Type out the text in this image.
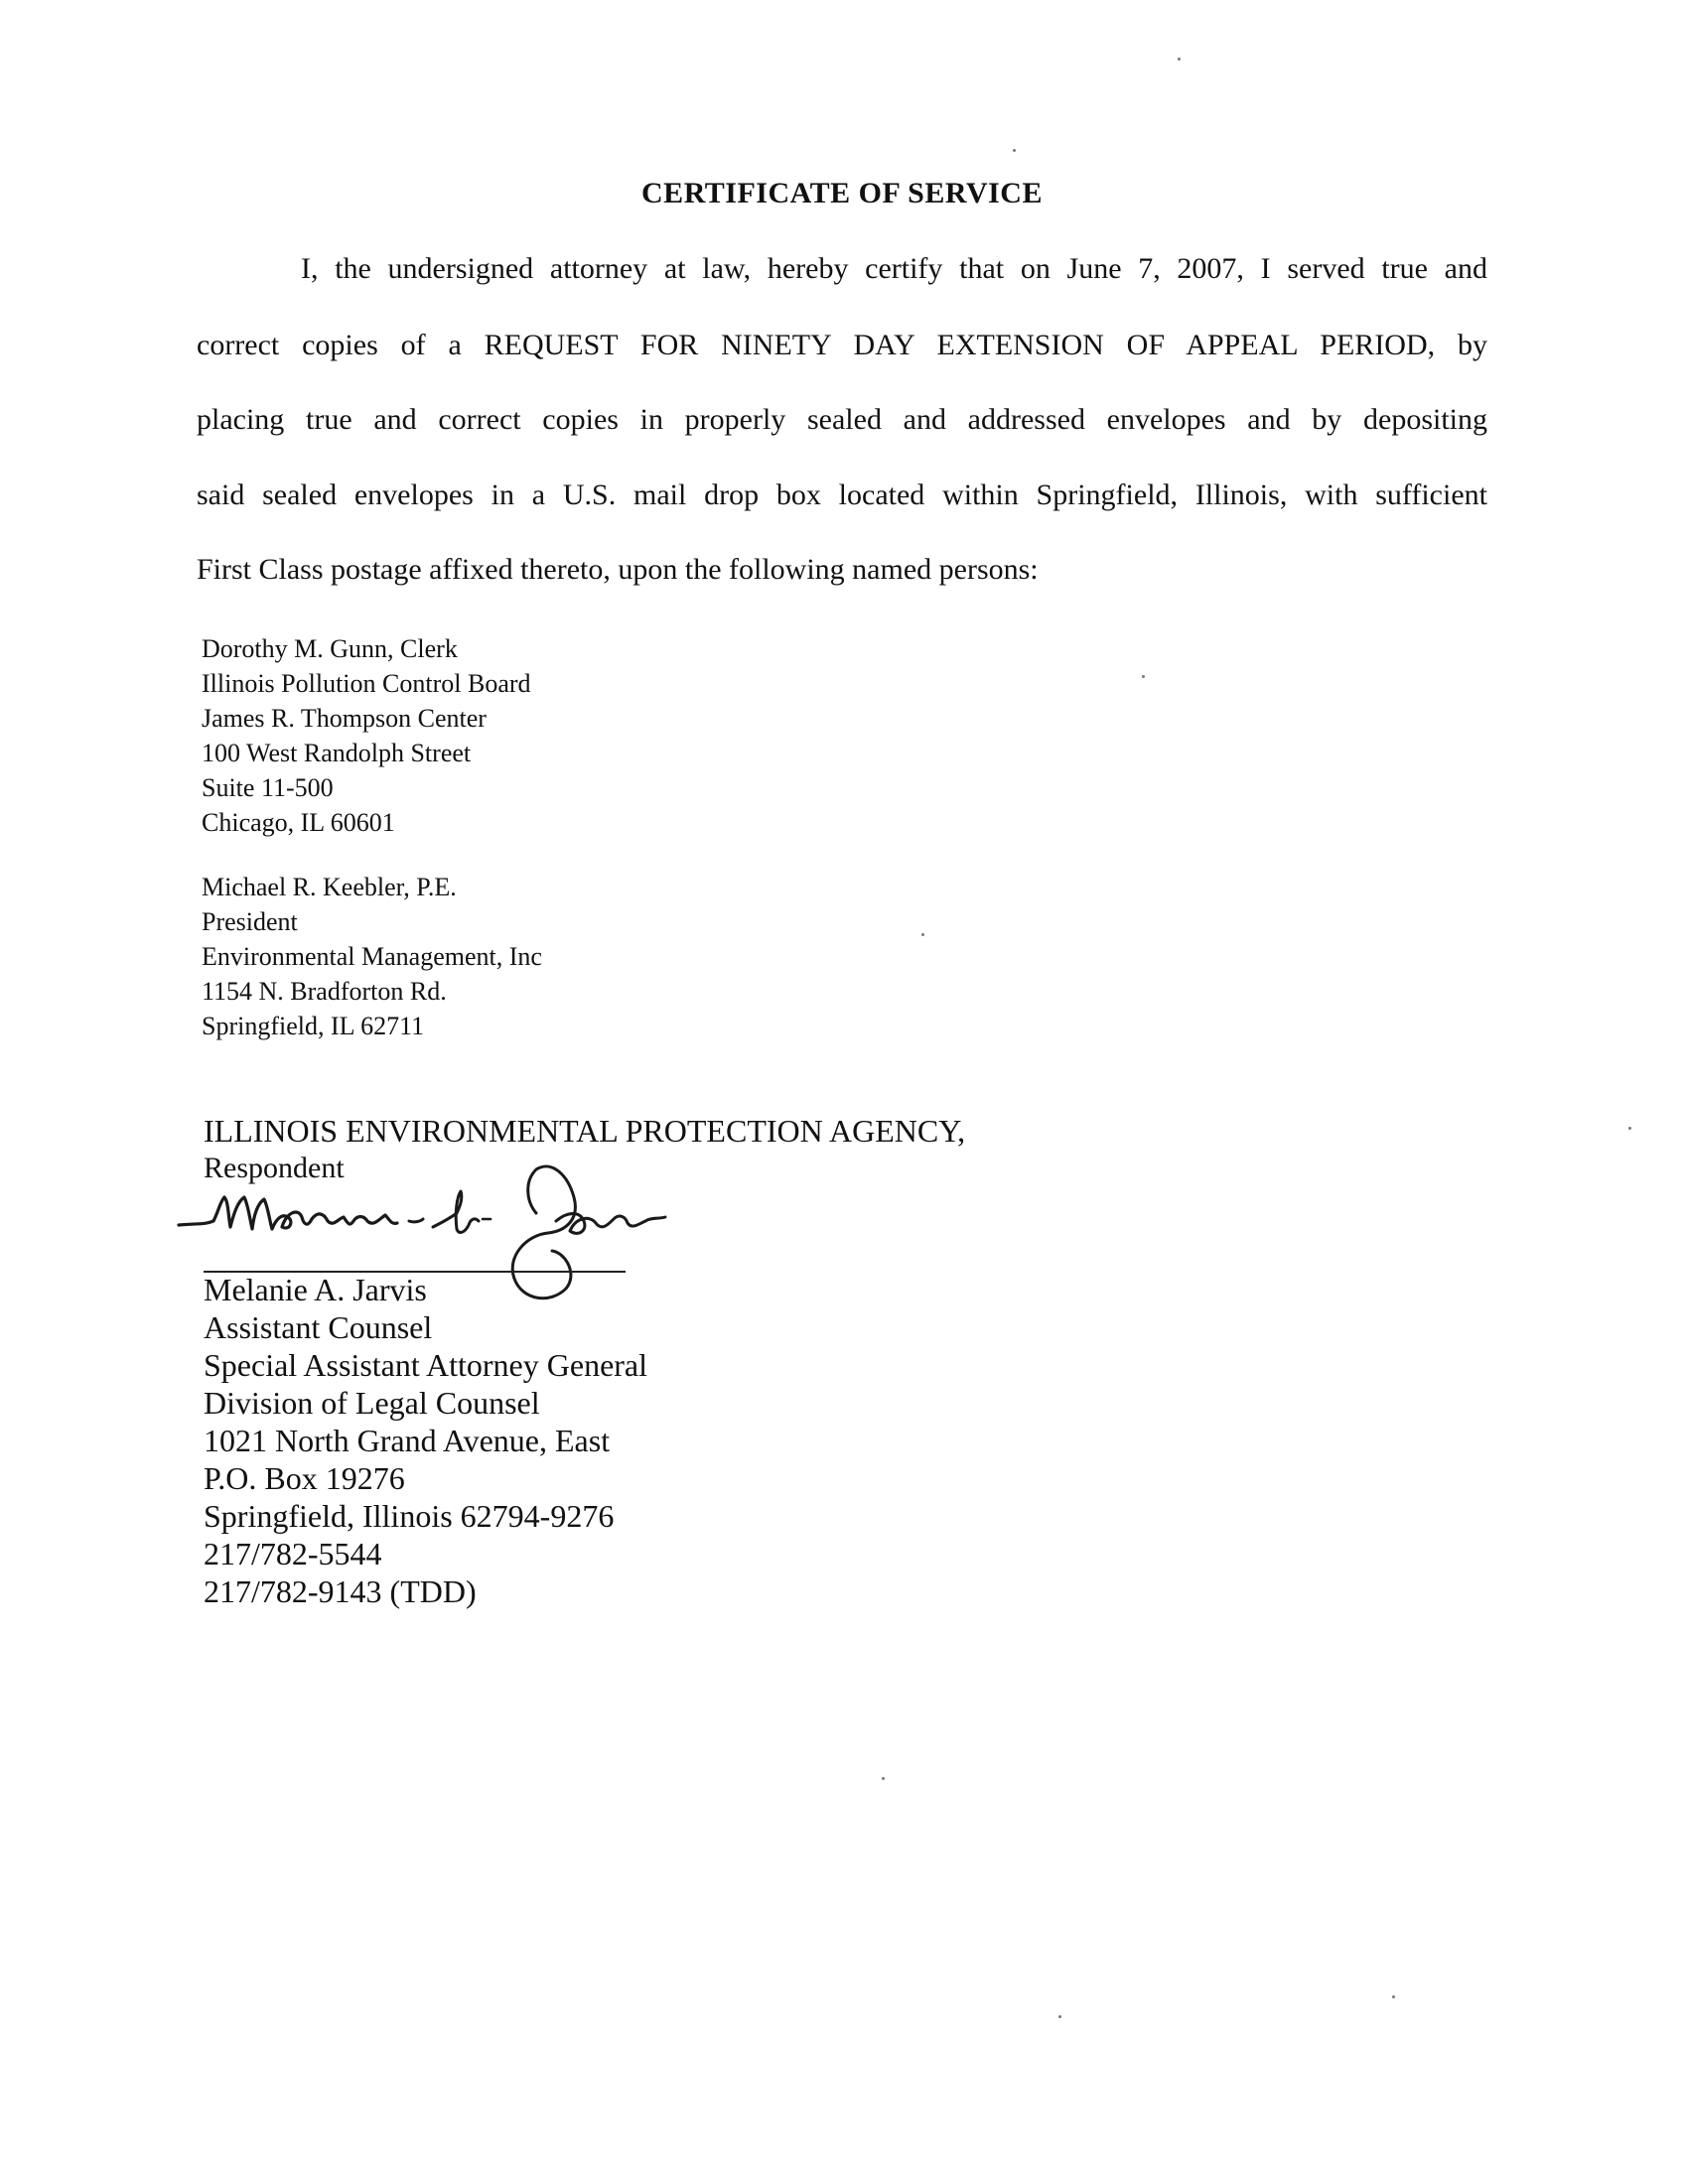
CERTIFICATE OF SERVICE
I, the undersigned attorney at law, hereby certify that on June 7, 2007, I served true and
correct copies of a REQUEST FOR NINETY DAY EXTENSION OF APPEAL PERIOD, by
placing true and correct copies in properly sealed and addressed envelopes and by depositing
said sealed envelopes in a U.S. mail drop box located within Springfield, Illinois, with sufficient
First Class postage affixed thereto, upon the following named persons:
Dorothy M. Gunn, Clerk
Illinois Pollution Control Board
James R. Thompson Center
100 West Randolph Street
Suite 11-500
Chicago, IL 60601
Michael R. Keebler, P.E.
President
Environmental Management, Inc
1154 N. Bradforton Rd.
Springfield, IL 62711
ILLINOIS ENVIRONMENTAL PROTECTION AGENCY,
Respondent
Melanie A. Jarvis
Assistant Counsel
Special Assistant Attorney General
Division of Legal Counsel
1021 North Grand Avenue, East
P.O. Box 19276
Springfield, Illinois 62794-9276
217/782-5544
217/782-9143 (TDD)
